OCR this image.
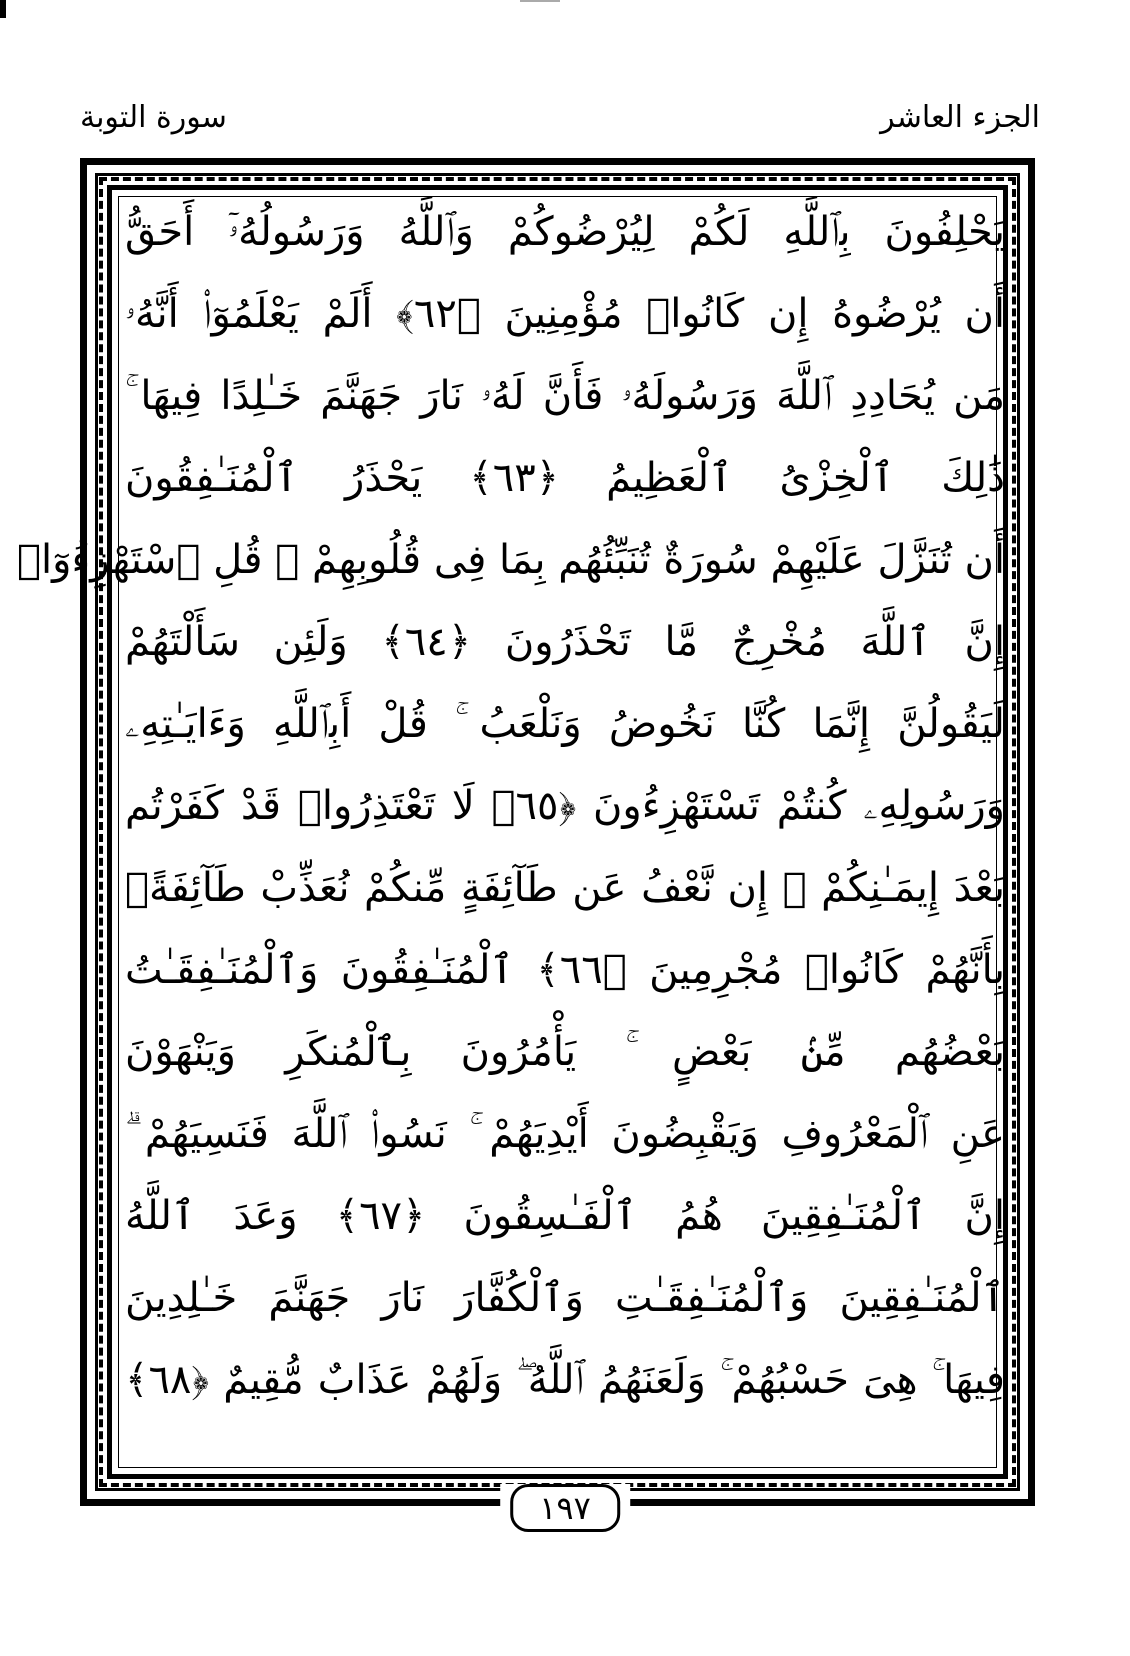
سورة التوبة	الجزء العاشر
يَحْلِفُونَ بِٱللَّهِ لَكُمْ لِيُرْضُوكُمْ وَٱللَّهُ وَرَسُولُهُۥٓ أَحَقُّ
أَن يُرْضُوهُ إِن كَانُوا۟ مُؤْمِنِينَ ﴿٦٢﴾ أَلَمْ يَعْلَمُوٓا۟ أَنَّهُۥ
مَن يُحَادِدِ ٱللَّهَ وَرَسُولَهُۥ فَأَنَّ لَهُۥ نَارَ جَهَنَّمَ خَـٰلِدًا فِيهَا ۚ
ذَٰلِكَ ٱلْخِزْىُ ٱلْعَظِيمُ ﴿٦٣﴾ يَحْذَرُ ٱلْمُنَـٰفِقُونَ
أَن تُنَزَّلَ عَلَيْهِمْ سُورَةٌ تُنَبِّئُهُم بِمَا فِى قُلُوبِهِمْ ۚ قُلِ ٱسْتَهْزِءُوٓا۟
إِنَّ ٱللَّهَ مُخْرِجٌ مَّا تَحْذَرُونَ ﴿٦٤﴾ وَلَئِن سَأَلْتَهُمْ
لَيَقُولُنَّ إِنَّمَا كُنَّا نَخُوضُ وَنَلْعَبُ ۚ قُلْ أَبِٱللَّهِ وَءَايَـٰتِهِۦ
وَرَسُولِهِۦ كُنتُمْ تَسْتَهْزِءُونَ ﴿٦٥﴾ لَا تَعْتَذِرُوا۟ قَدْ كَفَرْتُم
بَعْدَ إِيمَـٰنِكُمْ ۚ إِن نَّعْفُ عَن طَآئِفَةٍ مِّنكُمْ نُعَذِّبْ طَآئِفَةًۢ
بِأَنَّهُمْ كَانُوا۟ مُجْرِمِينَ ﴿٦٦﴾ ٱلْمُنَـٰفِقُونَ وَٱلْمُنَـٰفِقَـٰتُ
بَعْضُهُم مِّنۢ بَعْضٍ ۚ يَأْمُرُونَ بِٱلْمُنكَرِ وَيَنْهَوْنَ
عَنِ ٱلْمَعْرُوفِ وَيَقْبِضُونَ أَيْدِيَهُمْ ۚ نَسُوا۟ ٱللَّهَ فَنَسِيَهُمْ ۗ
إِنَّ ٱلْمُنَـٰفِقِينَ هُمُ ٱلْفَـٰسِقُونَ ﴿٦٧﴾ وَعَدَ ٱللَّهُ
ٱلْمُنَـٰفِقِينَ وَٱلْمُنَـٰفِقَـٰتِ وَٱلْكُفَّارَ نَارَ جَهَنَّمَ خَـٰلِدِينَ
فِيهَا ۚ هِىَ حَسْبُهُمْ ۚ وَلَعَنَهُمُ ٱللَّهُ ۖ وَلَهُمْ عَذَابٌ مُّقِيمٌ ﴿٦٨﴾
١٩٧
